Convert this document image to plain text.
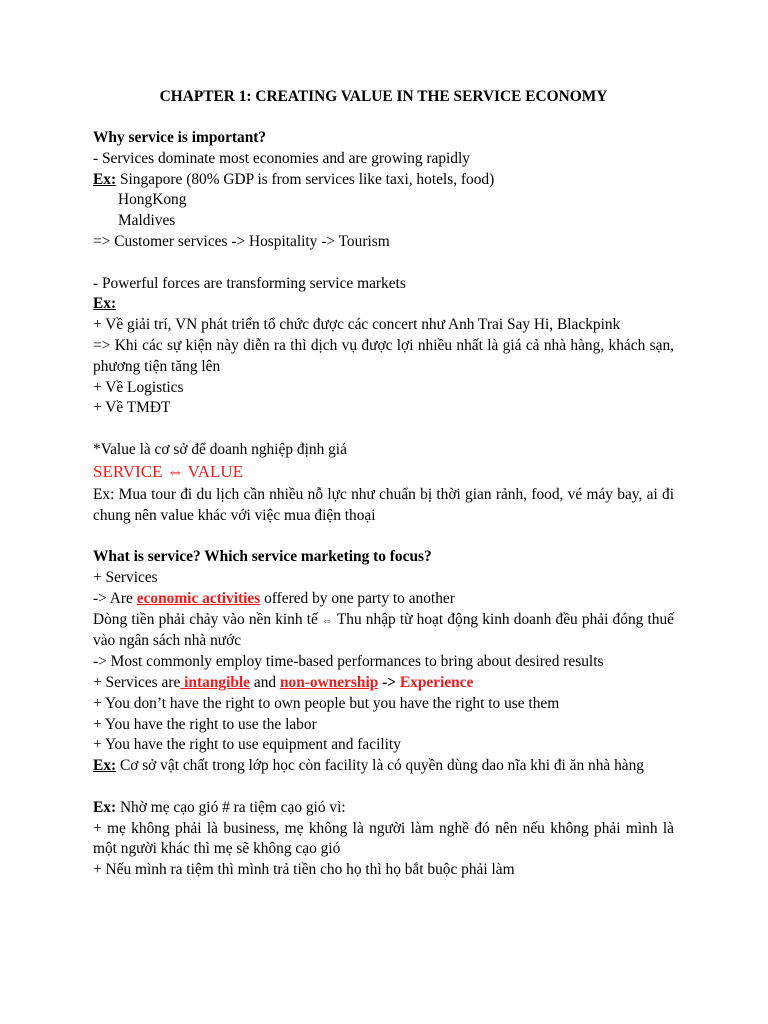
CHAPTER 1: CREATING VALUE IN THE SERVICE ECONOMY
Why service is important?
- Services dominate most economies and are growing rapidly
Ex: Singapore (80% GDP is from services like taxi, hotels, food)
HongKong
Maldives
=> Customer services -> Hospitality -> Tourism
- Powerful forces are transforming service markets
Ex:
+ Về giải trí, VN phát triển tổ chức được các concert như Anh Trai Say Hi, Blackpink
=> Khi các sự kiện này diễn ra thì dịch vụ được lợi nhiều nhất là giá cả nhà hàng, khách sạn, phương tiện tăng lên
+ Về Logistics
+ Về TMĐT
*Value là cơ sở để doanh nghiệp định giá
SERVICE ⇔ VALUE
Ex: Mua tour đi du lịch cần nhiều nỗ lực như chuẩn bị thời gian rảnh, food, vé máy bay, ai đi chung nên value khác với việc mua điện thoại
What is service? Which service marketing to focus?
+ Services
-> Are economic activities offered by one party to another
Dòng tiền phải chảy vào nền kinh tế ⇔ Thu nhập từ hoạt động kinh doanh đều phải đóng thuế vào ngân sách nhà nước
-> Most commonly employ time-based performances to bring about desired results
+ Services are intangible and non-ownership -> Experience
+ You don’t have the right to own people but you have the right to use them
+ You have the right to use the labor
+ You have the right to use equipment and facility
Ex: Cơ sở vật chất trong lớp học còn facility là có quyền dùng dao nĩa khi đi ăn nhà hàng
Ex: Nhờ mẹ cạo gió # ra tiệm cạo gió vì:
+ mẹ không phải là business, mẹ không là người làm nghề đó nên nếu không phải mình là một người khác thì mẹ sẽ không cạo gió
+ Nếu mình ra tiệm thì mình trả tiền cho họ thì họ bắt buộc phải làm
